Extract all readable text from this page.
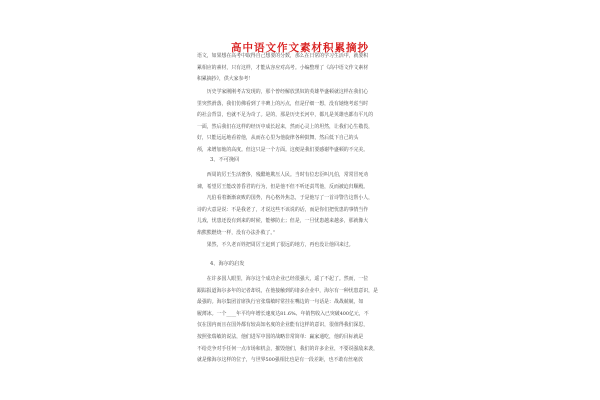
高中语文作文素材积累摘抄
语文，如果想在高考中取得自己想要的分数，那么在日常的学习生活中，就要积
累相应的素材，只有这样，才能从容应对高考。小编整理了《高中语文作文素材
积累摘抄》，供大家参考！
　　历史学家刚刚考古发现的，那个曾经解放黑奴的英雄毕盛顿就这样在我们心
里突然滑落，我们仿佛看到了丰碑上的污点，但是仔细一想，没有她炮考虑当时
的社会背景，也就不足为奇了。是的，那是历史长河中，都凡是英雄也都有平凡的
一面，然后我们在这样的经历中成长起来，然而心灵上的坦然，让我们心生敬畏，
好，只能远远地看着他，从而在心里为他旋律各种鼓舞，然后低下自己的头
颅，来增加他的高度。但这只是一个方面。这便是我们要感谢毕盛顿的不完美。
3、不可挽回
　　西周的厉王生活奢侈，残酷地欺压人民。当时有位忠臣叫凡伯，常常冒死劝
谏，希望厉王能改善昏君的行为，但是他不但不听还责骂他，反而被迫归顺殿。
　　凡伯看着渐渐衰败的国势，内心格外焦急，于是他写了一首诗警告这帮小人，
诗的大意是说：不是我老了，才说这些不该说的话，而是你们把忧患的事情当作
儿戏，忧患还没有到来的时候，能够防止；但是，一旦忧患越来越多，那就像大
焰熊熊燃烧一样，没有办法扑救了。”
　　果然，不久老百姓把周厉王赶到了很远的地方，再也没让他回来过。
4、海尔的启发
　　在许多国人眼里，海尔这个成功企业已经很强大，遥了不起了。然而，一位
跟踪报道海尔多年的记者却说，在他接触到的诸多企业中，海尔有一种忧患意识，是
最强的。海尔集团首席执行官张瑞敏时常挂在嘴边的一句话是：战战兢兢，如
履薄冰。一个____年平均年增长速度达81.6%、年销售收入已突破400亿元，不
仅在国内而且在国外都有较高知名度的企业能有这样的意识，很值得我们深思，
按照张瑞敏的说法，他们进军中国的战略非常简单：赢家通吃，他的目标就是
不给竞争对手任何一点市场和机会，摧毁他们，我们的许多企业，不要说强敌来袭，
就是像海尔这样的位子，与世界500强相比也是有一段差距，也不敢有丝毫放
